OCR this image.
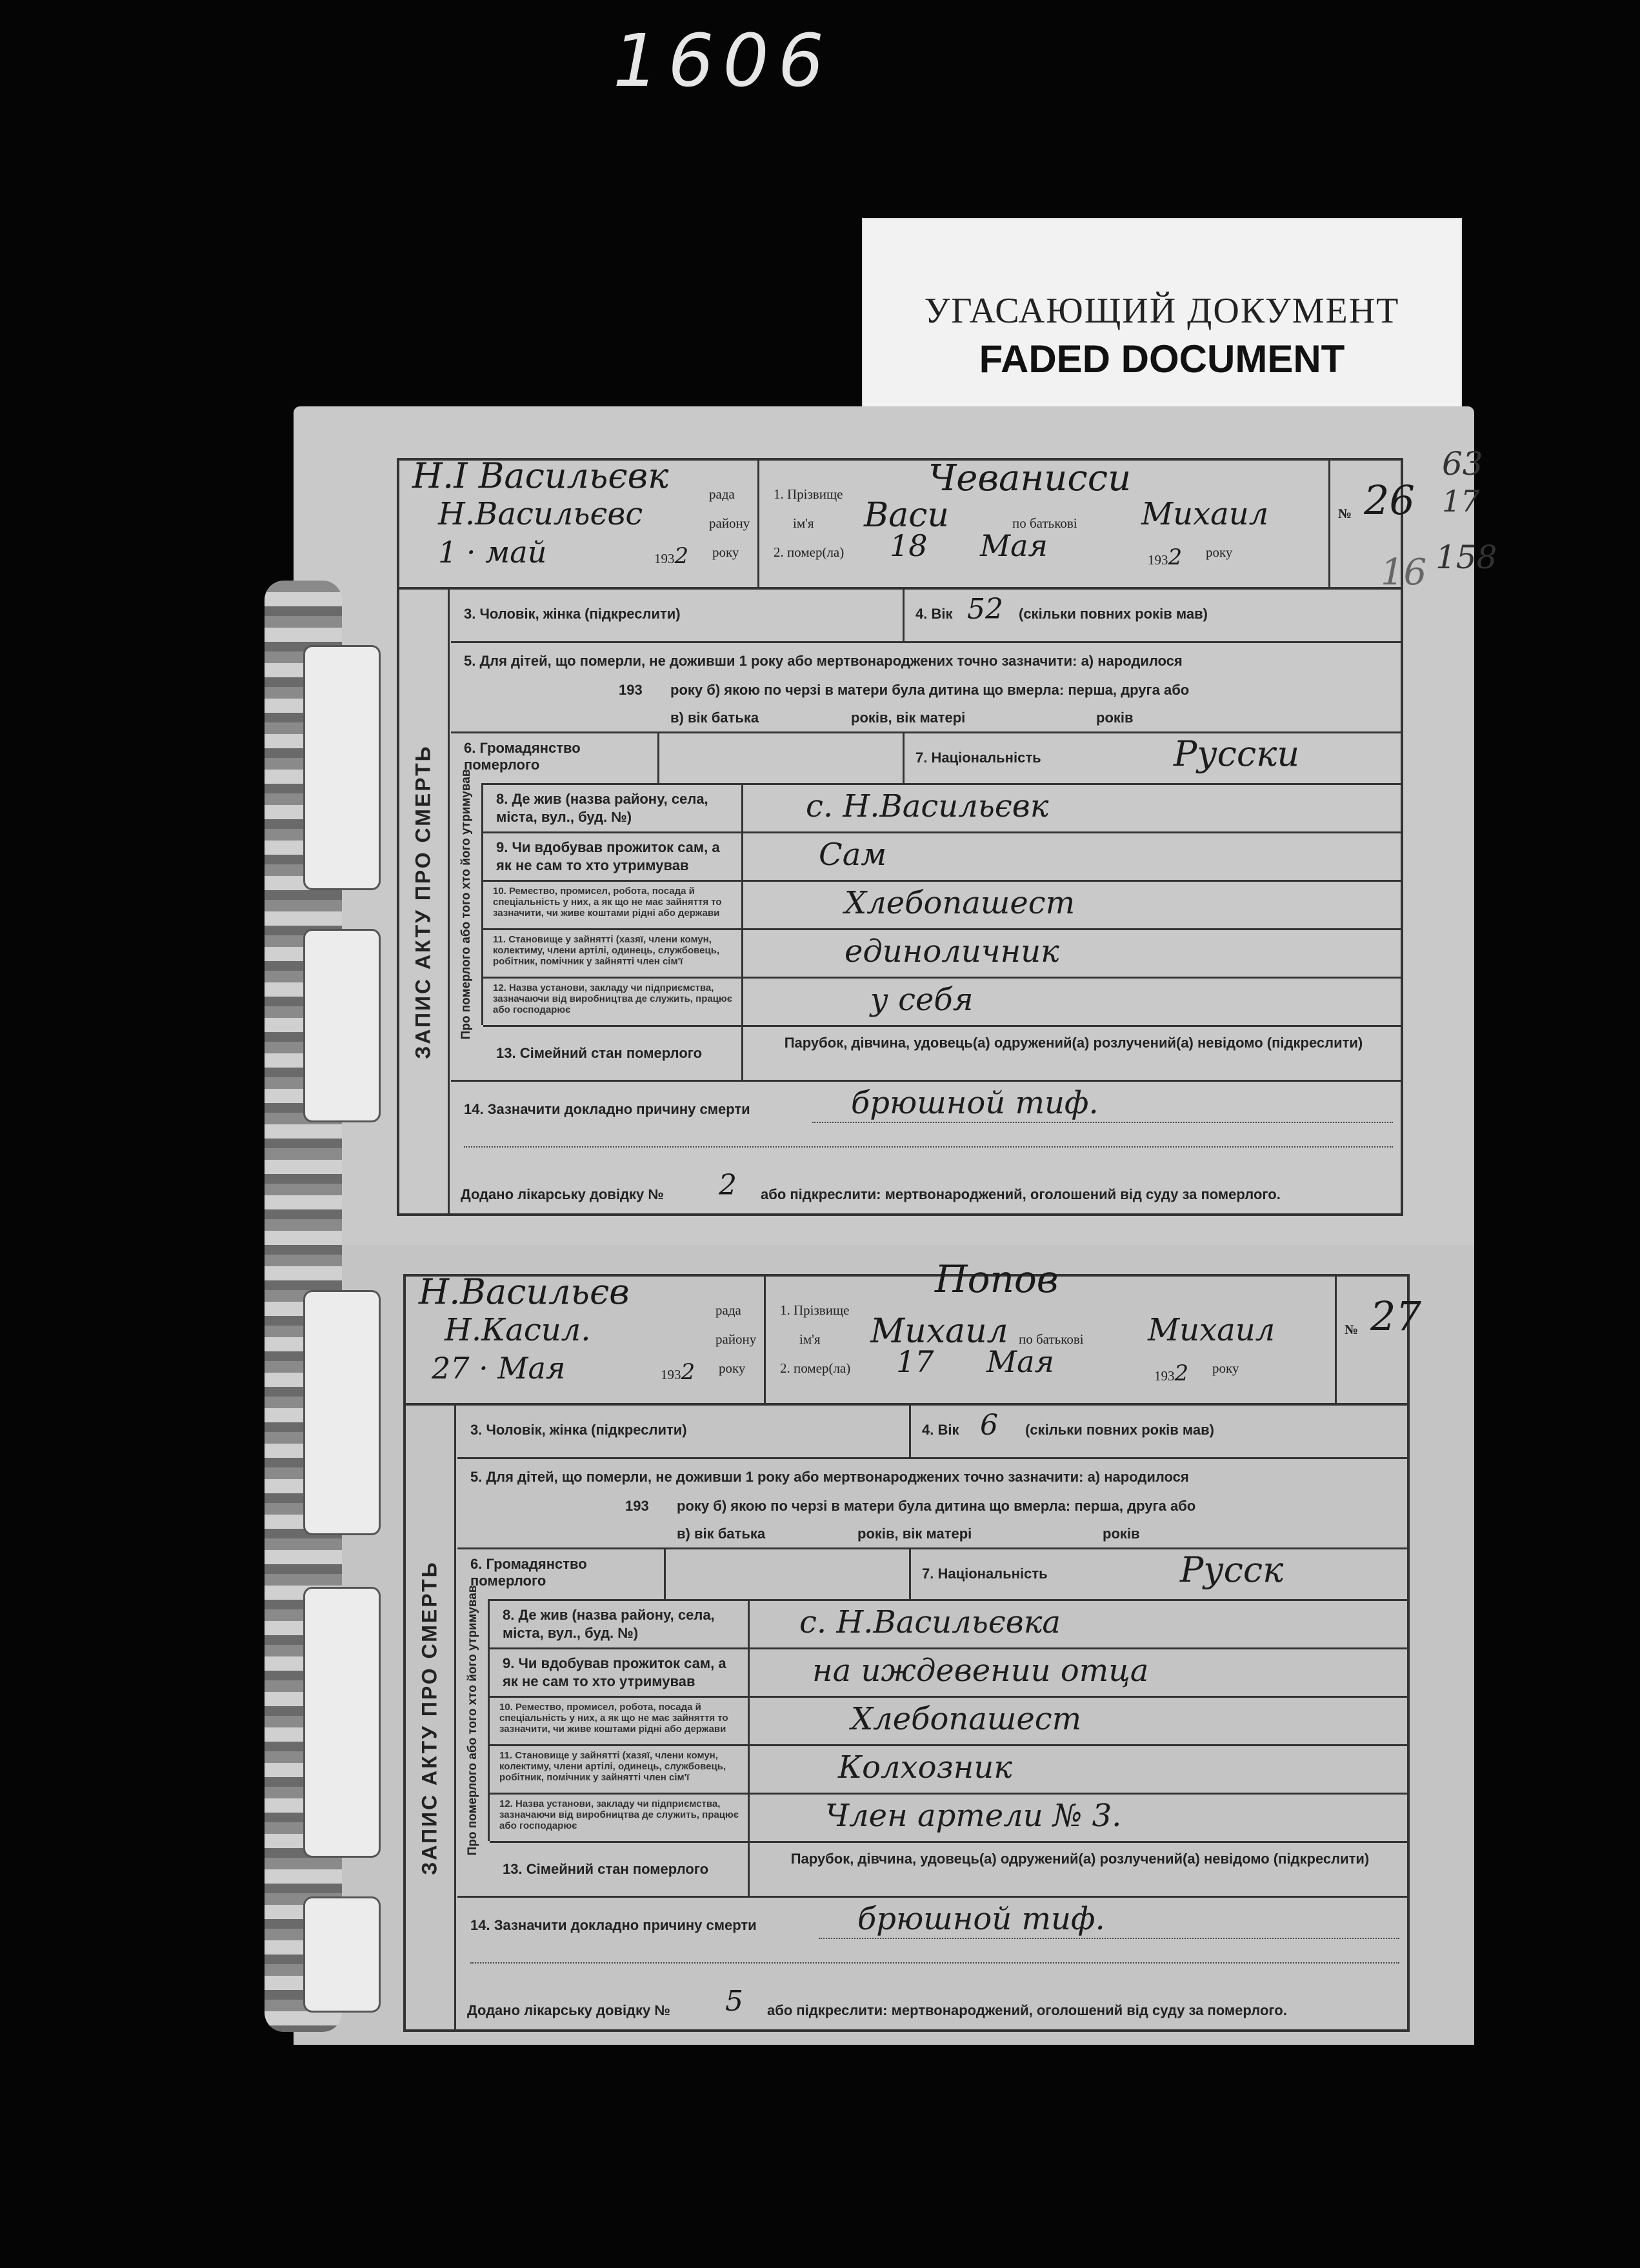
1606
УГАСАЮЩИЙ ДОКУМЕНТ
FADED DOCUMENT
63
17
158
16
Н.І Васильєвк	рада
Н.Васильєвс	району
1 · май	1932 року
1. Прізвище Чеванисси
ім'я Васи	по батькові Михаил
2. помер(ла) 18 Мая	1932 року
№ 26
ЗАПИС АКТУ ПРО СМЕРТЬ
3. Чоловік, жінка (підкреслити)	4. Вік 52 (скільки повних років мав)
5. Для дітей, що померли, не доживши 1 року або мертвонароджених точно зазначити: а) народилося
193 року б) якою по черзі в матери була дитина що вмерла: перша, друга або
в) вік батька	років, вік матері	років
6. Громадянство померлого	7. Національність	Русски
Про померлого або того хто його утримував 8. Де жив (назва району, села, міста, вул., буд. №)	с. Н.Васильєвк
9. Чи вдобував прожиток сам, а як не сам то хто утримував	Сам
10. Ремество, промисел, робота, посада й спеціальність у них, а як що не має зайняття то зазначити, чи живе коштами рідні або держави	Хлебопашест
11. Становище у зайнятті (хазяї, члени комун, колектиму, члени артілі, одинець, службовець, робітник, помічник у зайнятті член сім'ї	единоличник
12. Назва установи, закладу чи підприємства, зазначаючи від виробництва де служить, працює або господарює	у себя
13. Сімейний стан померлого
Парубок, дівчина, удовець(а) одружений(а) розлучений(а) невідомо (підкреслити)
14. Зазначити докладно причину смерти	брюшной тиф.
Додано лікарську довідку № 2 або підкреслити: мертвонароджений, оголошений від суду за померлого.
Н.Васильєв	рада
Н.Касил.	району
27 · Мая	1932 року
1. Прізвище
Попов
ім'я Михаил по батькові Михаил
2. помер(ла) 17 Мая	1932 року
№ 27
ЗАПИС АКТУ ПРО СМЕРТЬ
3. Чоловік, жінка (підкреслити)	4. Вік 6 (скільки повних років мав)
5. Для дітей, що померли, не доживши 1 року або мертвонароджених точно зазначити: а) народилося
193 року б) якою по черзі в матери була дитина що вмерла: перша, друга або
в) вік батька	років, вік матері	років
6. Громадянство померлого	7. Національність	Русск
Про померлого або того хто його утримував 8. Де жив (назва району, села, міста, вул., буд. №)	с. Н.Васильєвка
9. Чи вдобував прожиток сам, а як не сам то хто утримував	на иждевении отца
10. Ремество, промисел, робота, посада й спеціальність у них, а як що не має зайняття то зазначити, чи живе коштами рідні або держави	Хлебопашест
11. Становище у зайнятті (хазяї, члени комун, колектиму, члени артілі, одинець, службовець, робітник, помічник у зайнятті член сім'ї	Колхозник
12. Назва установи, закладу чи підприємства, зазначаючи від виробництва де служить, працює або господарює	Член артели № 3.
13. Сімейний стан померлого
Парубок, дівчина, удовець(а) одружений(а) розлучений(а) невідомо (підкреслити)
14. Зазначити докладно причину смерти	брюшной тиф.
Додано лікарську довідку № 5 або підкреслити: мертвонароджений, оголошений від суду за померлого.
